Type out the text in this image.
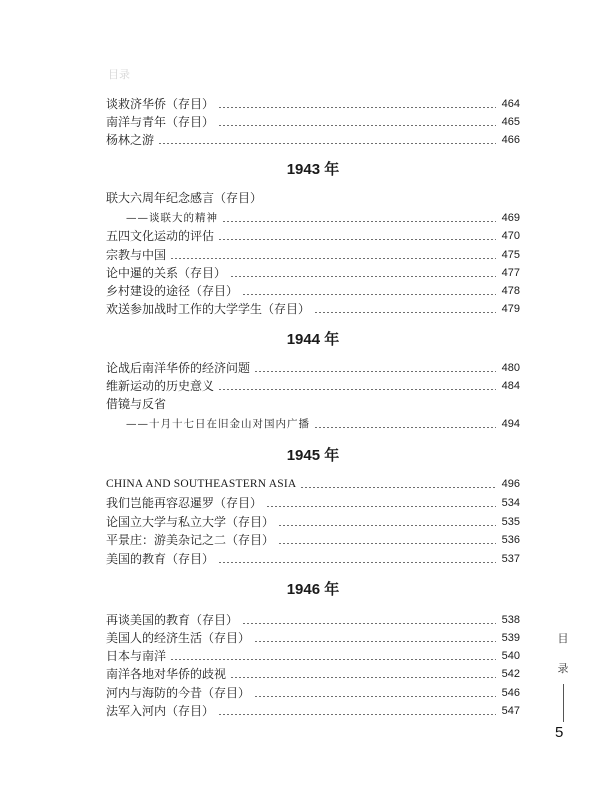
目录
谈救济华侨（存目）	464
南洋与青年（存目）	465
杨林之游	466
1943 年
联大六周年纪念感言（存目）
——谈联大的精神	469
五四文化运动的评估	470
宗教与中国	475
论中暹的关系（存目）	477
乡村建设的途径（存目）	478
欢送参加战时工作的大学学生（存目）	479
1944 年
论战后南洋华侨的经济问题	480
维新运动的历史意义	484
借镜与反省
——十月十七日在旧金山对国内广播	494
1945 年
CHINA AND SOUTHEASTERN ASIA	496
我们岂能再容忍暹罗（存目）	534
论国立大学与私立大学（存目）	535
平景庄：游美杂记之二（存目）	536
美国的教育（存目）	537
1946 年
再谈美国的教育（存目）	538
美国人的经济生活（存目）	539
日本与南洋	540
南洋各地对华侨的歧视	542
河内与海防的今昔（存目）	546
法军入河内（存目）	547
目
录
5
